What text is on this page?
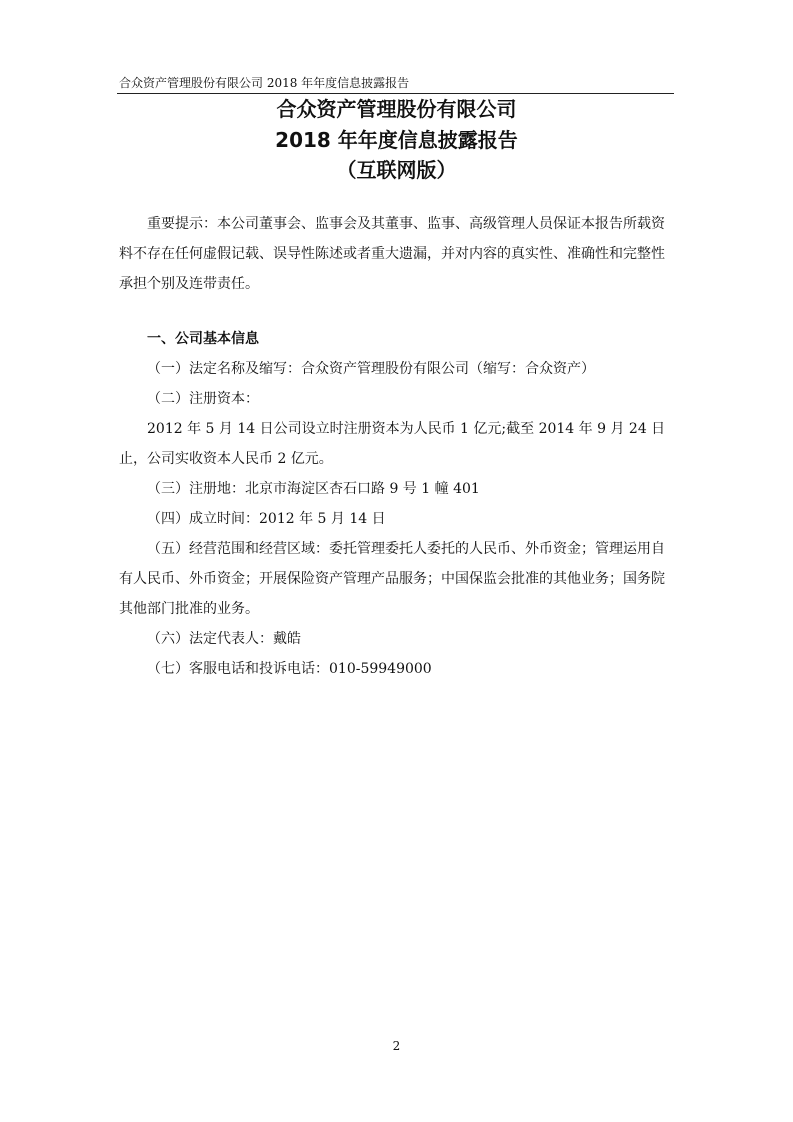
合众资产管理股份有限公司 2018 年年度信息披露报告
合众资产管理股份有限公司
2018 年年度信息披露报告
（互联网版）

重要提示：本公司董事会、监事会及其董事、监事、高级管理人员保证本报告所载资料不存在任何虚假记载、误导性陈述或者重大遗漏，并对内容的真实性、准确性和完整性承担个别及连带责任。

一、公司基本信息

（一）法定名称及缩写：合众资产管理股份有限公司（缩写：合众资产）

（二）注册资本：

2012 年 5 月 14 日公司设立时注册资本为人民币 1 亿元;截至 2014 年 9 月 24 日止，公司实收资本人民币 2 亿元。

（三）注册地：北京市海淀区杏石口路 9 号 1 幢 401

（四）成立时间：2012 年 5 月 14 日

（五）经营范围和经营区域：委托管理委托人委托的人民币、外币资金；管理运用自有人民币、外币资金；开展保险资产管理产品服务；中国保监会批准的其他业务；国务院其他部门批准的业务。

（六）法定代表人：戴皓

（七）客服电话和投诉电话：010-59949000

2
